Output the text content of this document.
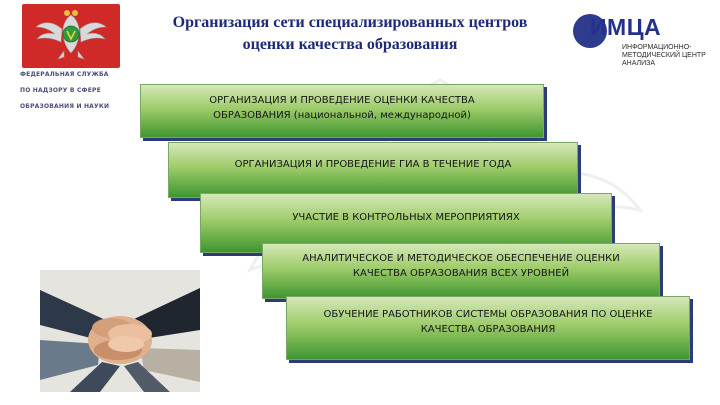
ФЕДЕРАЛЬНАЯ СЛУЖБА
ПО НАДЗОРУ В СФЕРЕ
ОБРАЗОВАНИЯ И НАУКИ
Организация сети специализированных центров
оценки качества образования
ИМЦА
ИНФОРМАЦИОННО-МЕТОДИЧЕСКИЙ ЦЕНТР АНАЛИЗА
ОРГАНИЗАЦИЯ И ПРОВЕДЕНИЕ ОЦЕНКИ КАЧЕСТВА
ОБРАЗОВАНИЯ (национальной, международной)
ОРГАНИЗАЦИЯ И ПРОВЕДЕНИЕ ГИА В ТЕЧЕНИЕ ГОДА
УЧАСТИЕ В КОНТРОЛЬНЫХ МЕРОПРИЯТИЯХ
АНАЛИТИЧЕСКОЕ И МЕТОДИЧЕСКОЕ ОБЕСПЕЧЕНИЕ ОЦЕНКИ
КАЧЕСТВА ОБРАЗОВАНИЯ ВСЕХ УРОВНЕЙ
ОБУЧЕНИЕ РАБОТНИКОВ СИСТЕМЫ ОБРАЗОВАНИЯ ПО ОЦЕНКЕ
КАЧЕСТВА ОБРАЗОВАНИЯ
